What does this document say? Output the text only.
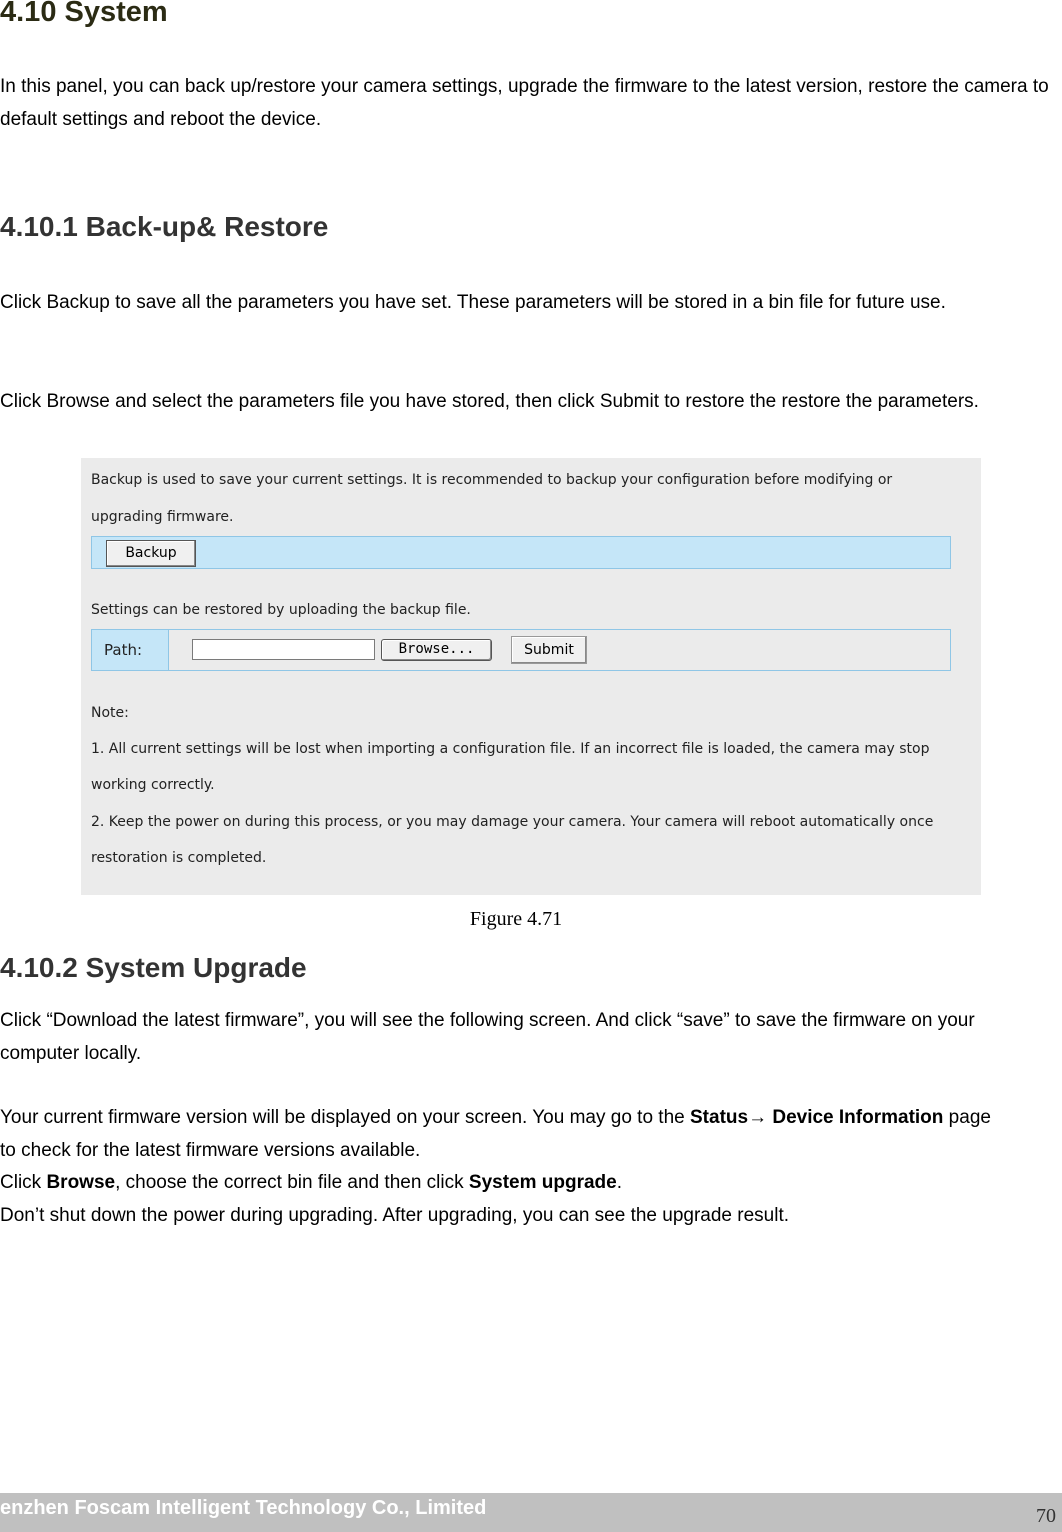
4.10 System

In this panel, you can back up/restore your camera settings, upgrade the firmware to the latest version, restore the camera to default settings and reboot the device.

4.10.1 Back-up& Restore

Click Backup to save all the parameters you have set. These parameters will be stored in a bin file for future use.

Click Browse and select the parameters file you have stored, then click Submit to restore the restore the parameters.

Backup is used to save your current settings. It is recommended to backup your configuration before modifying or
upgrading firmware.
Backup
Settings can be restored by uploading the backup file.
Path:	Browse...	Submit
Note:
1. All current settings will be lost when importing a configuration file. If an incorrect file is loaded, the camera may stop
working correctly.
2. Keep the power on during this process, or you may damage your camera. Your camera will reboot automatically once
restoration is completed.
Figure 4.71
4.10.2 System Upgrade

Click “Download the latest firmware”, you will see the following screen. And click “save” to save the firmware on your computer locally.

Your current firmware version will be displayed on your screen. You may go to the Status→ Device Information page to check for the latest firmware versions available.

Click Browse, choose the correct bin file and then click System upgrade.

Don’t shut down the power during upgrading. After upgrading, you can see the upgrade result.

enzhen Foscam Intelligent Technology Co., Limited	70
